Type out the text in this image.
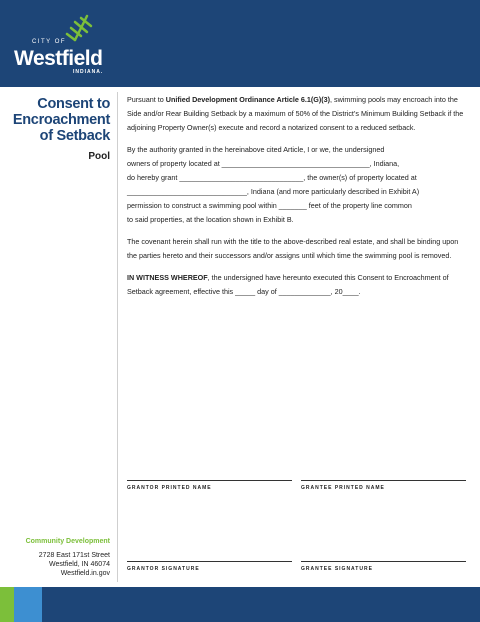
CITY OF
Westfield
INDIANA.
Consent to
Encroachment
of Setback
Pool

Pursuant to Unified Development Ordinance Article 6.1(G)(3), swimming pools may encroach into the Side and/or Rear Building Setback by a maximum of 50% of the District’s Minimum Building Setback if the adjoining Property Owner(s) execute and record a notarized consent to a reduced setback.

By the authority granted in the hereinabove cited Article, I or we, the undersigned
owners of property located at _____________________________________, Indiana,
do hereby grant _______________________________, the owner(s) of property located at
______________________________, Indiana (and more particularly described in Exhibit A)
permission to construct a swimming pool within _______ feet of the property line common
to said properties, at the location shown in Exhibit B.

The covenant herein shall run with the title to the above-described real estate, and shall be binding upon the parties hereto and their successors and/or assigns until which time the swimming pool is removed.

IN WITNESS WHEREOF, the undersigned have hereunto executed this Consent to Encroachment of Setback agreement, effective this _____ day of _____________, 20____.

GRANTOR PRINTED NAME	GRANTEE PRINTED NAME
GRANTOR SIGNATURE	GRANTEE SIGNATURE
Community Development
2728 East 171st Street
Westfield, IN 46074
Westfield.in.gov
